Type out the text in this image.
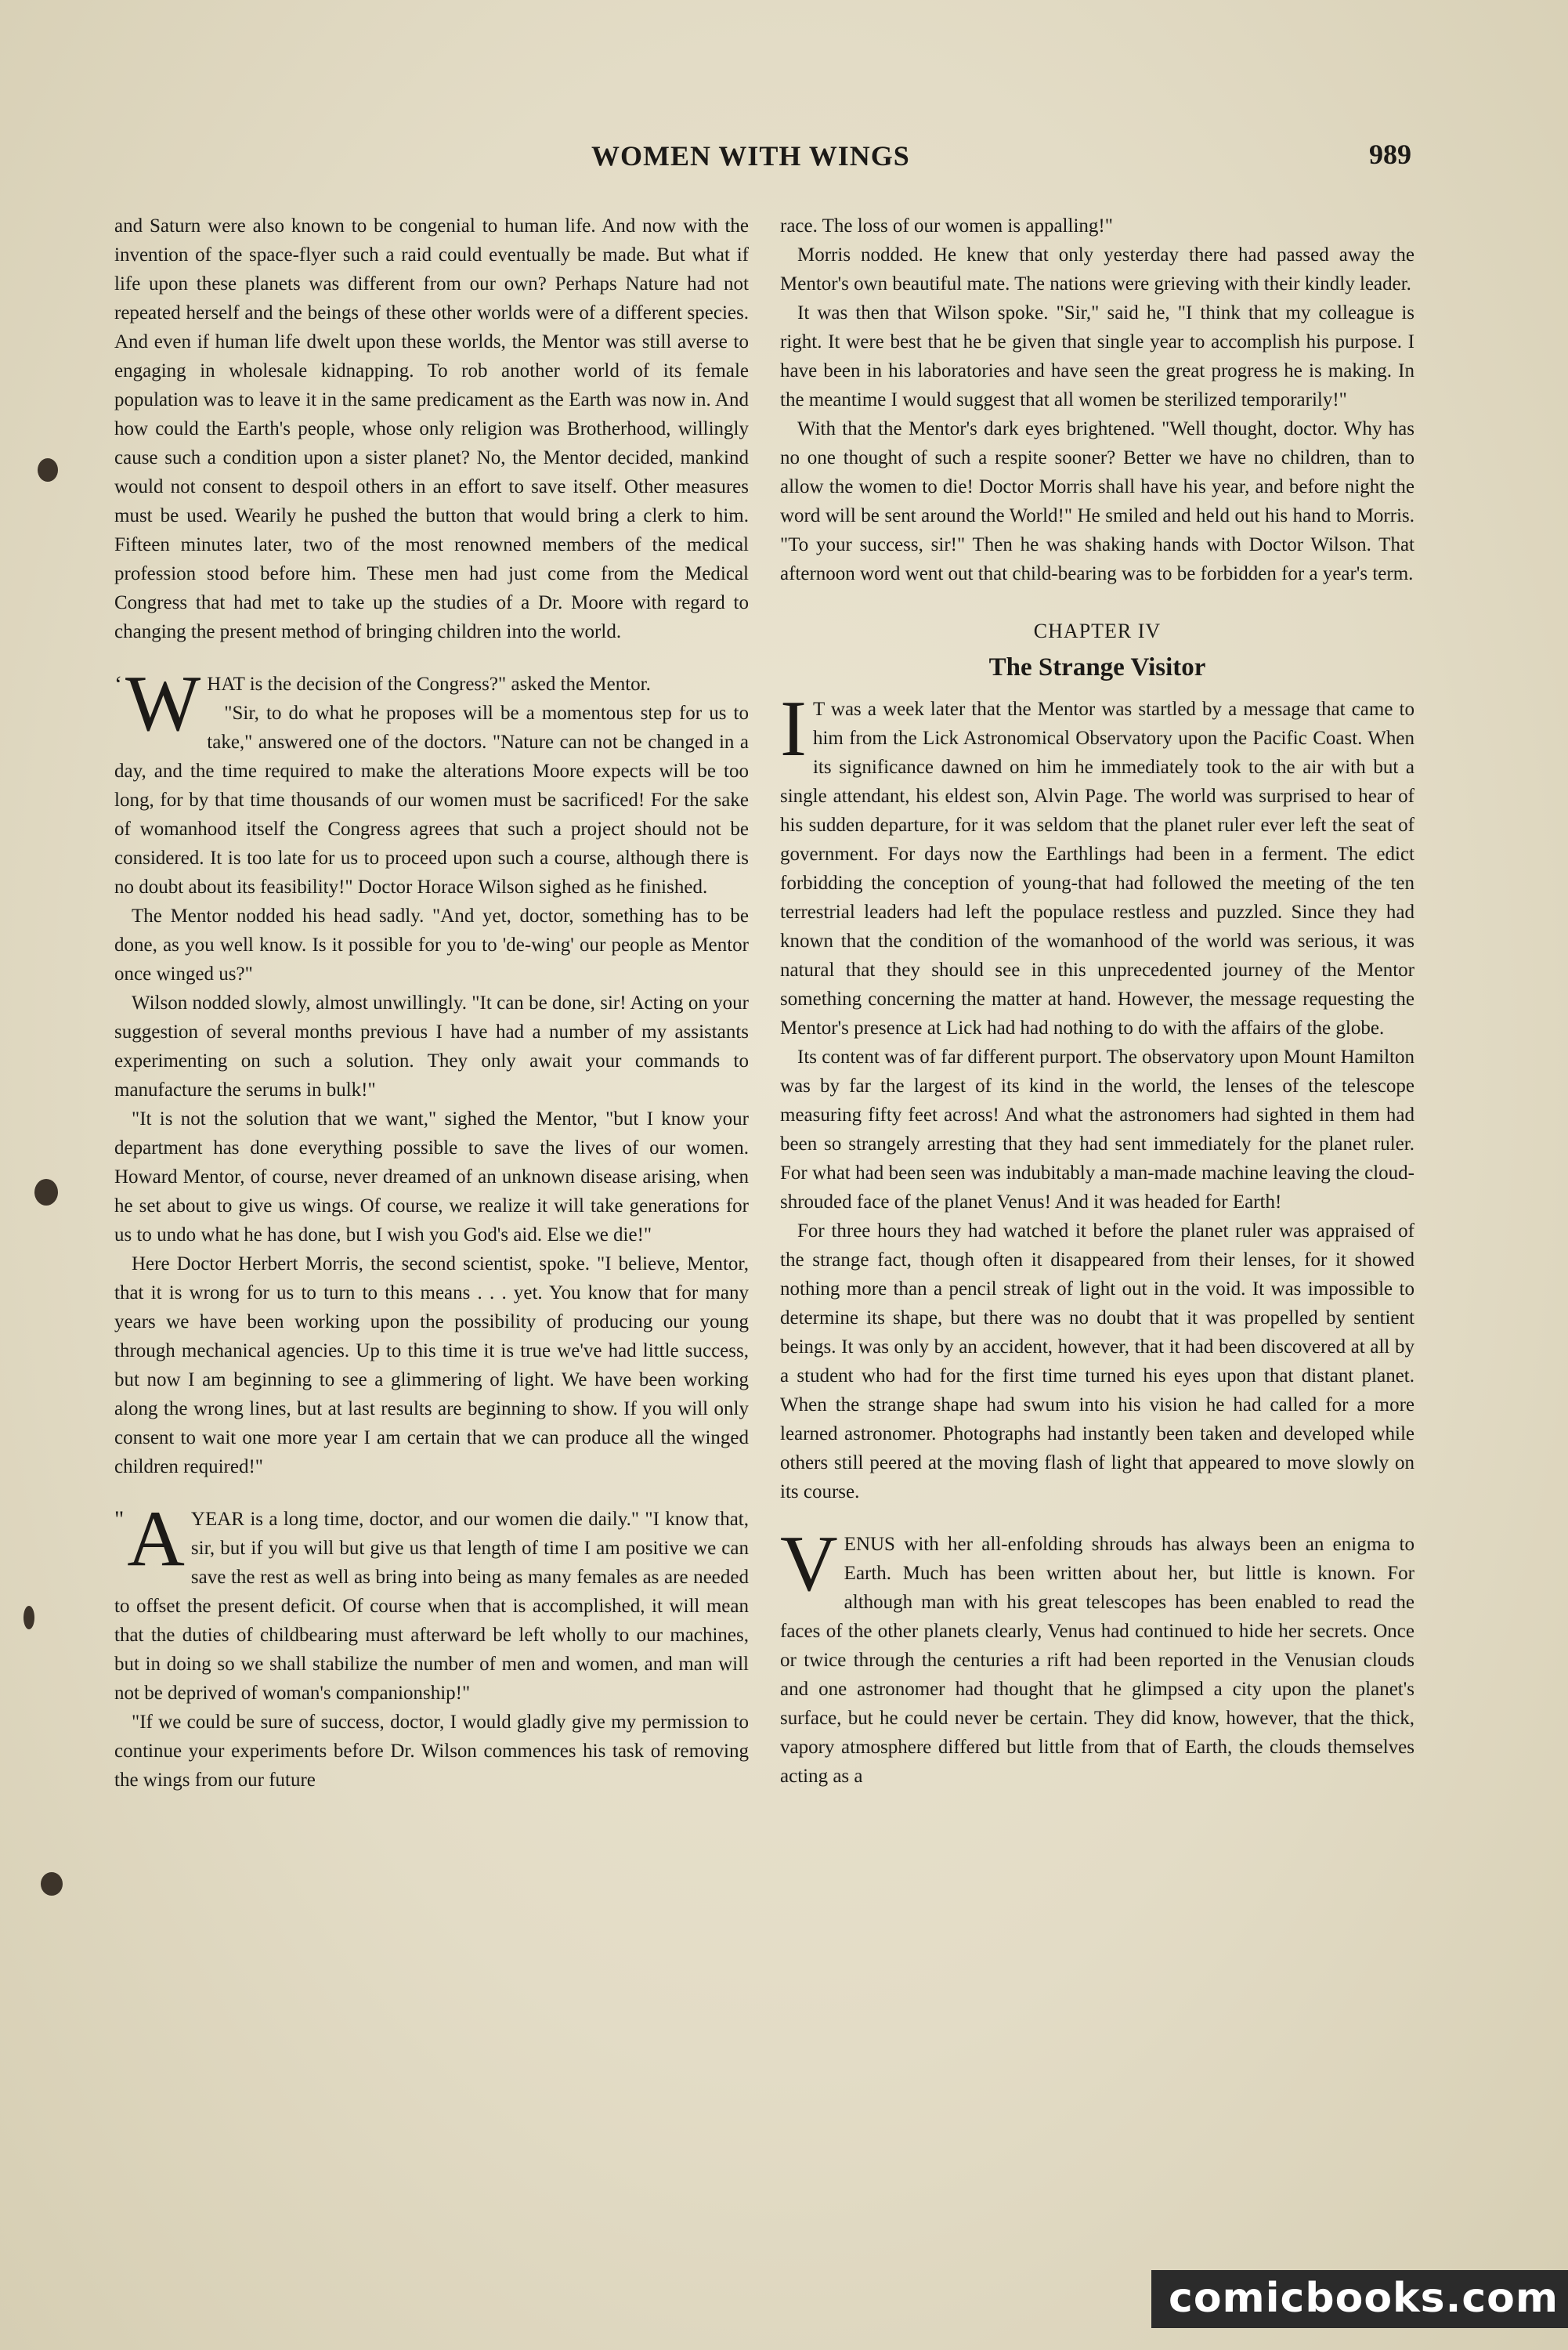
WOMEN WITH WINGS	989

and Saturn were also known to be congenial to human life. And now with the invention of the space-flyer such a raid could eventually be made. But what if life upon these planets was different from our own? Perhaps Nature had not repeated herself and the beings of these other worlds were of a different species. And even if human life dwelt upon these worlds, the Mentor was still averse to engaging in wholesale kidnapping. To rob another world of its female population was to leave it in the same predicament as the Earth was now in. And how could the Earth's people, whose only religion was Brotherhood, willingly cause such a condition upon a sister planet? No, the Mentor decided, mankind would not consent to despoil others in an effort to save itself. Other measures must be used. Wearily he pushed the button that would bring a clerk to him. Fifteen minutes later, two of the most renowned members of the medical profession stood before him. These men had just come from the Medical Congress that had met to take up the studies of a Dr. Moore with regard to changing the present method of bringing children into the world.

‘ W HAT is the decision of the Congress?" asked the Mentor.

"Sir, to do what he proposes will be a momentous step for us to take," answered one of the doctors. "Nature can not be changed in a day, and the time required to make the alterations Moore expects will be too long, for by that time thousands of our women must be sacrificed! For the sake of womanhood itself the Congress agrees that such a project should not be considered. It is too late for us to proceed upon such a course, although there is no doubt about its feasibility!" Doctor Horace Wilson sighed as he finished.

The Mentor nodded his head sadly. "And yet, doctor, something has to be done, as you well know. Is it possible for you to 'de-wing' our people as Mentor once winged us?"

Wilson nodded slowly, almost unwillingly. "It can be done, sir! Acting on your suggestion of several months previous I have had a number of my assistants experimenting on such a solution. They only await your commands to manufacture the serums in bulk!"

"It is not the solution that we want," sighed the Mentor, "but I know your department has done everything possible to save the lives of our women. Howard Mentor, of course, never dreamed of an unknown disease arising, when he set about to give us wings. Of course, we realize it will take generations for us to undo what he has done, but I wish you God's aid. Else we die!"

Here Doctor Herbert Morris, the second scientist, spoke. "I believe, Mentor, that it is wrong for us to turn to this means . . . yet. You know that for many years we have been working upon the possibility of producing our young through mechanical agencies. Up to this time it is true we've had little success, but now I am beginning to see a glimmering of light. We have been working along the wrong lines, but at last results are beginning to show. If you will only consent to wait one more year I am certain that we can produce all the winged children required!"

" A YEAR is a long time, doctor, and our women die daily." "I know that, sir, but if you will but give us that length of time I am positive we can save the rest as well as bring into being as many females as are needed to offset the present deficit. Of course when that is accomplished, it will mean that the duties of childbearing must afterward be left wholly to our machines, but in doing so we shall stabilize the number of men and women, and man will not be deprived of woman's companionship!"

"If we could be sure of success, doctor, I would gladly give my permission to continue your experiments before Dr. Wilson commences his task of removing the wings from our future

race. The loss of our women is appalling!"

Morris nodded. He knew that only yesterday there had passed away the Mentor's own beautiful mate. The nations were grieving with their kindly leader.

It was then that Wilson spoke. "Sir," said he, "I think that my colleague is right. It were best that he be given that single year to accomplish his purpose. I have been in his laboratories and have seen the great progress he is making. In the meantime I would suggest that all women be sterilized temporarily!"

With that the Mentor's dark eyes brightened. "Well thought, doctor. Why has no one thought of such a respite sooner? Better we have no children, than to allow the women to die! Doctor Morris shall have his year, and before night the word will be sent around the World!" He smiled and held out his hand to Morris. "To your success, sir!" Then he was shaking hands with Doctor Wilson. That afternoon word went out that child-bearing was to be forbidden for a year's term.

CHAPTER IV
The Strange Visitor

I T was a week later that the Mentor was startled by a message that came to him from the Lick Astronomical Observatory upon the Pacific Coast. When its significance dawned on him he immediately took to the air with but a single attendant, his eldest son, Alvin Page. The world was surprised to hear of his sudden departure, for it was seldom that the planet ruler ever left the seat of government. For days now the Earthlings had been in a ferment. The edict forbidding the conception of young-that had followed the meeting of the ten terrestrial leaders had left the populace restless and puzzled. Since they had known that the condition of the womanhood of the world was serious, it was natural that they should see in this unprecedented journey of the Mentor something concerning the matter at hand. However, the message requesting the Mentor's presence at Lick had had nothing to do with the affairs of the globe.

Its content was of far different purport. The observatory upon Mount Hamilton was by far the largest of its kind in the world, the lenses of the telescope measuring fifty feet across! And what the astronomers had sighted in them had been so strangely arresting that they had sent immediately for the planet ruler. For what had been seen was indubitably a man-made machine leaving the cloud-shrouded face of the planet Venus! And it was headed for Earth!

For three hours they had watched it before the planet ruler was appraised of the strange fact, though often it disappeared from their lenses, for it showed nothing more than a pencil streak of light out in the void. It was impossible to determine its shape, but there was no doubt that it was propelled by sentient beings. It was only by an accident, however, that it had been discovered at all by a student who had for the first time turned his eyes upon that distant planet. When the strange shape had swum into his vision he had called for a more learned astronomer. Photographs had instantly been taken and developed while others still peered at the moving flash of light that appeared to move slowly on its course.

VENUS with her all-enfolding shrouds has always been an enigma to Earth. Much has been written about her, but little is known. For although man with his great telescopes has been enabled to read the faces of the other planets clearly, Venus had continued to hide her secrets. Once or twice through the centuries a rift had been reported in the Venusian clouds and one astronomer had thought that he glimpsed a city upon the planet's surface, but he could never be certain. They did know, however, that the thick, vapory atmosphere differed but little from that of Earth, the clouds themselves acting as a

comicbooks.com
